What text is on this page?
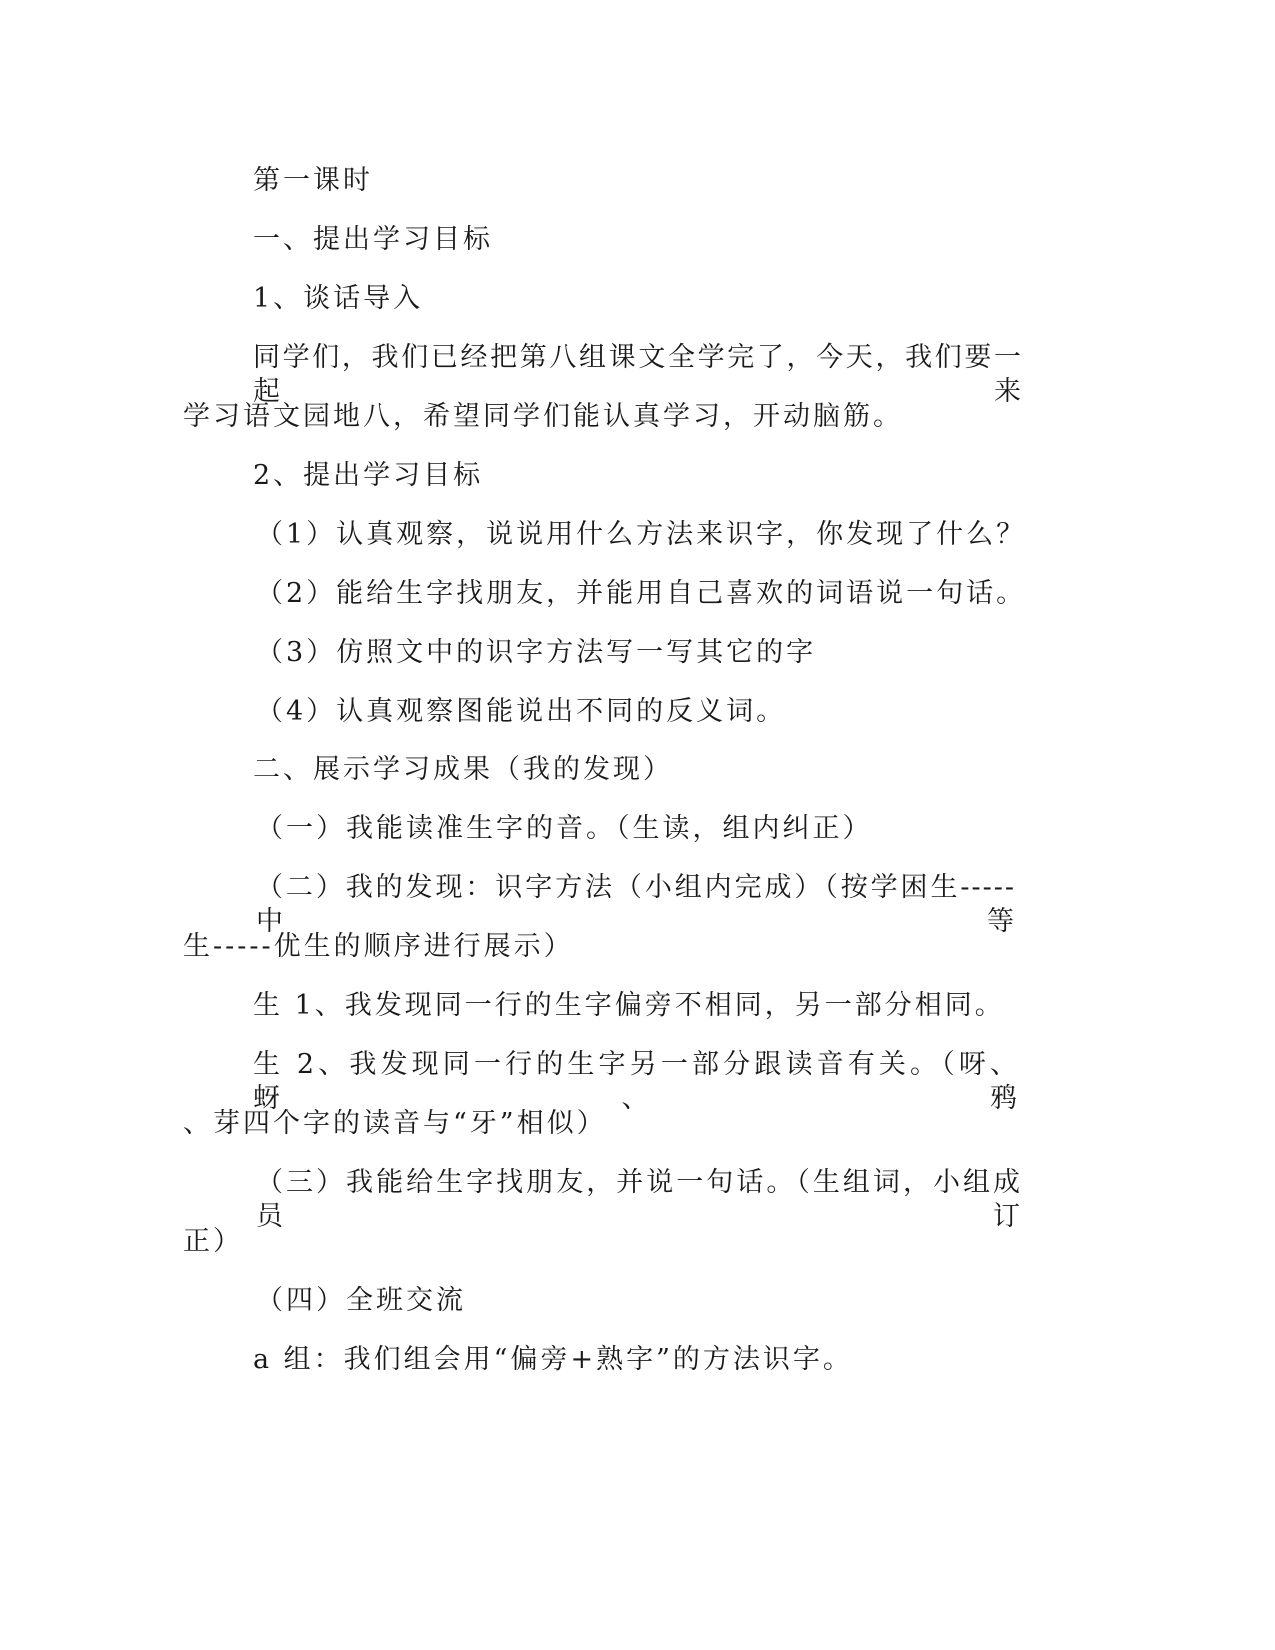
第一课时

一、提出学习目标

1、谈话导入

同学们，我们已经把第八组课文全学完了，今天，我们要一起来

学习语文园地八，希望同学们能认真学习，开动脑筋。

2、提出学习目标

（1）认真观察，说说用什么方法来识字，你发现了什么？

（2）能给生字找朋友，并能用自己喜欢的词语说一句话。

（3）仿照文中的识字方法写一写其它的字

（4）认真观察图能说出不同的反义词。

二、展示学习成果（我的发现）

（一）我能读准生字的音。（生读，组内纠正）

（二）我的发现：识字方法（小组内完成）（按学困生-----中等

生-----优生的顺序进行展示）

生 1、我发现同一行的生字偏旁不相同，另一部分相同。

生 2、我发现同一行的生字另一部分跟读音有关。（呀、蚜、鸦

、芽四个字的读音与“牙”相似）

（三）我能给生字找朋友，并说一句话。（生组词，小组成员订

正）

（四）全班交流

a 组：我们组会用“偏旁+熟字”的方法识字。
